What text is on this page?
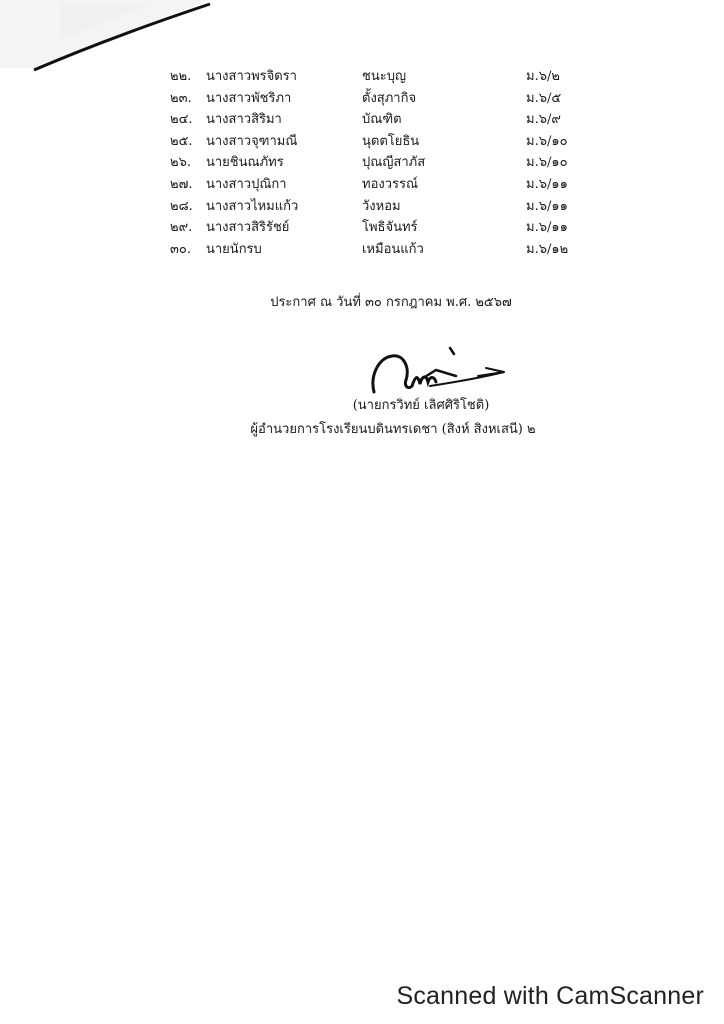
๒๒. นางสาวพรจิดรา	ชนะบุญ	ม.๖/๒
๒๓. นางสาวพัชริภา	ตั้งสุภากิจ	ม.๖/๕
๒๔. นางสาวสิริมา	บัณฑิต	ม.๖/๙
๒๕. นางสาวจุฑามณี	นุตตโยธิน	ม.๖/๑๐
๒๖. นายชินณภัทร	ปุณญีสาภัส	ม.๖/๑๐
๒๗. นางสาวปุณิกา	ทองวรรณ์	ม.๖/๑๑
๒๘. นางสาวไหมแก้ว	วังหอม	ม.๖/๑๑
๒๙. นางสาวสิริรัชย์	โพธิจันทร์	ม.๖/๑๑
๓๐. นายนักรบ	เหมือนแก้ว	ม.๖/๑๒
ประกาศ ณ วันที่ ๓๐ กรกฎาคม พ.ศ. ๒๕๖๗
(นายกรวิทย์ เลิศศิริโชติ)
ผู้อำนวยการโรงเรียนบดินทรเดชา (สิงห์ สิงหเสนี) ๒
Scanned with CamScanner
